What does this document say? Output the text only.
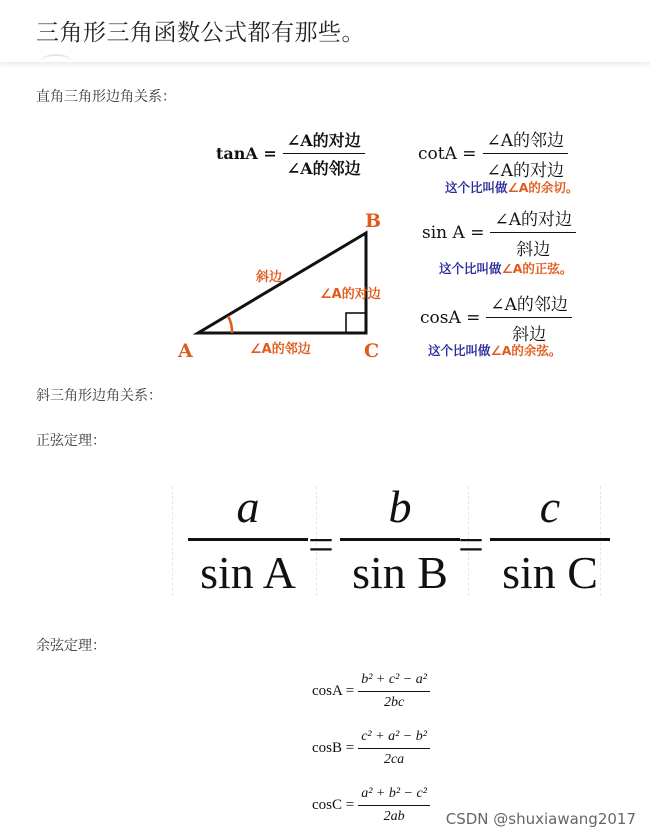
三角形三角函数公式都有那些。
直角三角形边角关系：
$\tan A = \frac{\text{∠A的对边}}{\text{∠A的邻边}}$	$\cot A = \frac{\text{∠A的邻边}}{\text{∠A的对边}}$
这个比叫做∠A的余切。
$\sin A = \frac{\text{∠A的对边}}{\text{斜边}}$
这个比叫做∠A的正弦。
$\cos A = \frac{\text{∠A的邻边}}{\text{斜边}}$
这个比叫做∠A的余弦。
A
B
C
斜边
∠A的对边
∠A的邻边
斜三角形边角关系：
正弦定理：
a
sin A
=
b
sin B
=
c
sin C
余弦定理：
$\cos A = \frac{\text{b² + c² − a²}}{2bc}$
$\cos B = \frac{\text{c² + a² − b²}}{2ca}$
$\cos C = \frac{\text{a² + b² − c²}}{2ab}$ CSDN @shuxiawang2017
